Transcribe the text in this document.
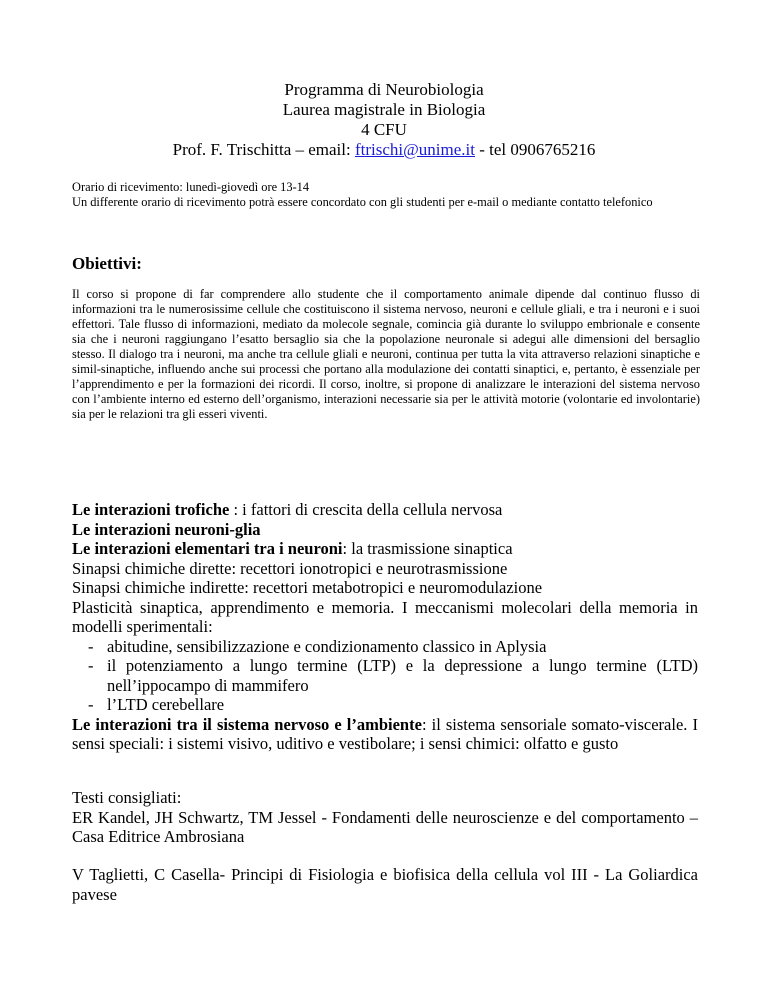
Programma di Neurobiologia
Laurea magistrale in Biologia
4 CFU
Prof. F. Trischitta – email: ftrischi@unime.it - tel 0906765216

Orario di ricevimento: lunedì-giovedì ore 13-14

Un differente orario di ricevimento potrà essere concordato con gli studenti per e-mail o mediante contatto telefonico

Obiettivi:

Il corso si propone di far comprendere allo studente che il comportamento animale dipende dal continuo flusso di informazioni tra le numerosissime cellule che costituiscono il sistema nervoso, neuroni e cellule gliali, e tra i neuroni e i suoi effettori. Tale flusso di informazioni, mediato da molecole segnale, comincia già durante lo sviluppo embrionale e consente sia che i neuroni raggiungano l’esatto bersaglio sia che la popolazione neuronale si adegui alle dimensioni del bersaglio stesso. Il dialogo tra i neuroni, ma anche tra cellule gliali e neuroni, continua per tutta la vita attraverso relazioni sinaptiche e simil-sinaptiche, influendo anche sui processi che portano alla modulazione dei contatti sinaptici, e, pertanto, è essenziale per l’apprendimento e per la formazioni dei ricordi. Il corso, inoltre, si propone di analizzare le interazioni del sistema nervoso con l’ambiente interno ed esterno dell’organismo, interazioni necessarie sia per le attività motorie (volontarie ed involontarie) sia per le relazioni tra gli esseri viventi.

Le interazioni trofiche : i fattori di crescita della cellula nervosa

Le interazioni neuroni-glia

Le interazioni elementari tra i neuroni: la trasmissione sinaptica

Sinapsi chimiche dirette: recettori ionotropici e neurotrasmissione

Sinapsi chimiche indirette: recettori metabotropici e neuromodulazione

Plasticità sinaptica, apprendimento e memoria. I meccanismi molecolari della memoria in modelli sperimentali:

- abitudine, sensibilizzazione e condizionamento classico in Aplysia
- il potenziamento a lungo termine (LTP) e la depressione a lungo termine (LTD) nell’ippocampo di mammifero
- l’LTD cerebellare

Le interazioni tra il sistema nervoso e l’ambiente: il sistema sensoriale somato-viscerale. I sensi speciali: i sistemi visivo, uditivo e vestibolare; i sensi chimici: olfatto e gusto

Testi consigliati:

ER Kandel, JH Schwartz, TM Jessel - Fondamenti delle neuroscienze e del comportamento – Casa Editrice Ambrosiana

V Taglietti, C Casella- Principi di Fisiologia e biofisica della cellula vol III - La Goliardica pavese
